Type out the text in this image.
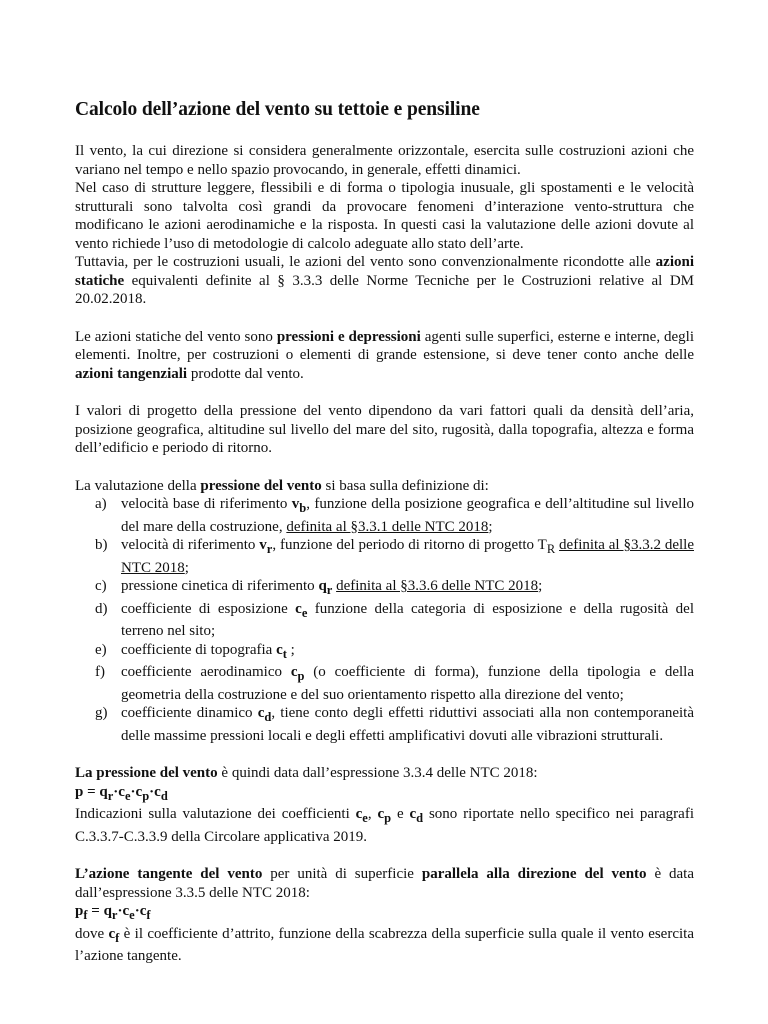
Calcolo dell’azione del vento su tettoie e pensiline

Il vento, la cui direzione si considera generalmente orizzontale, esercita sulle costruzioni azioni che variano nel tempo e nello spazio provocando, in generale, effetti dinamici.

Nel caso di strutture leggere, flessibili e di forma o tipologia inusuale, gli spostamenti e le velocità strutturali sono talvolta così grandi da provocare fenomeni d’interazione vento-struttura che modificano le azioni aerodinamiche e la risposta. In questi casi la valutazione delle azioni dovute al vento richiede l’uso di metodologie di calcolo adeguate allo stato dell’arte.

Tuttavia, per le costruzioni usuali, le azioni del vento sono convenzionalmente ricondotte alle azioni statiche equivalenti definite al § 3.3.3 delle Norme Tecniche per le Costruzioni relative al DM 20.02.2018.

Le azioni statiche del vento sono pressioni e depressioni agenti sulle superfici, esterne e interne, degli elementi. Inoltre, per costruzioni o elementi di grande estensione, si deve tener conto anche delle azioni tangenziali prodotte dal vento.

I valori di progetto della pressione del vento dipendono da vari fattori quali da densità dell’aria, posizione geografica, altitudine sul livello del mare del sito, rugosità, dalla topografia, altezza e forma dell’edificio e periodo di ritorno.

La valutazione della pressione del vento si basa sulla definizione di:

a) velocità base di riferimento $v_b$, funzione della posizione geografica e dell’altitudine sul livello del mare della costruzione, definita al §3.3.1 delle NTC 2018;
b) velocità di riferimento $v_r$, funzione del periodo di ritorno di progetto $T_R$ definita al §3.3.2 delle NTC 2018;
c) pressione cinetica di riferimento $q_r$ definita al §3.3.6 delle NTC 2018;
d) coefficiente di esposizione $c_e$ funzione della categoria di esposizione e della rugosità del terreno nel sito;
e) coefficiente di topografia $c_t$ ;
f) coefficiente aerodinamico $c_p$ (o coefficiente di forma), funzione della tipologia e della geometria della costruzione e del suo orientamento rispetto alla direzione del vento;
g) coefficiente dinamico $c_d$, tiene conto degli effetti riduttivi associati alla non contemporaneità delle massime pressioni locali e degli effetti amplificativi dovuti alle vibrazioni strutturali.

La pressione del vento è quindi data dall’espressione 3.3.4 delle NTC 2018:

$p = q_r\cdot c_e\cdot c_p\cdot c_d$

Indicazioni sulla valutazione dei coefficienti $c_e$, $c_p$ e $c_d$ sono riportate nello specifico nei paragrafi C.3.3.7-C.3.3.9 della Circolare applicativa 2019.

L’azione tangente del vento per unità di superficie parallela alla direzione del vento è data dall’espressione 3.3.5 delle NTC 2018:

$p_f = q_r\cdot c_e\cdot c_f$

dove $c_f$ è il coefficiente d’attrito, funzione della scabrezza della superficie sulla quale il vento esercita l’azione tangente.
